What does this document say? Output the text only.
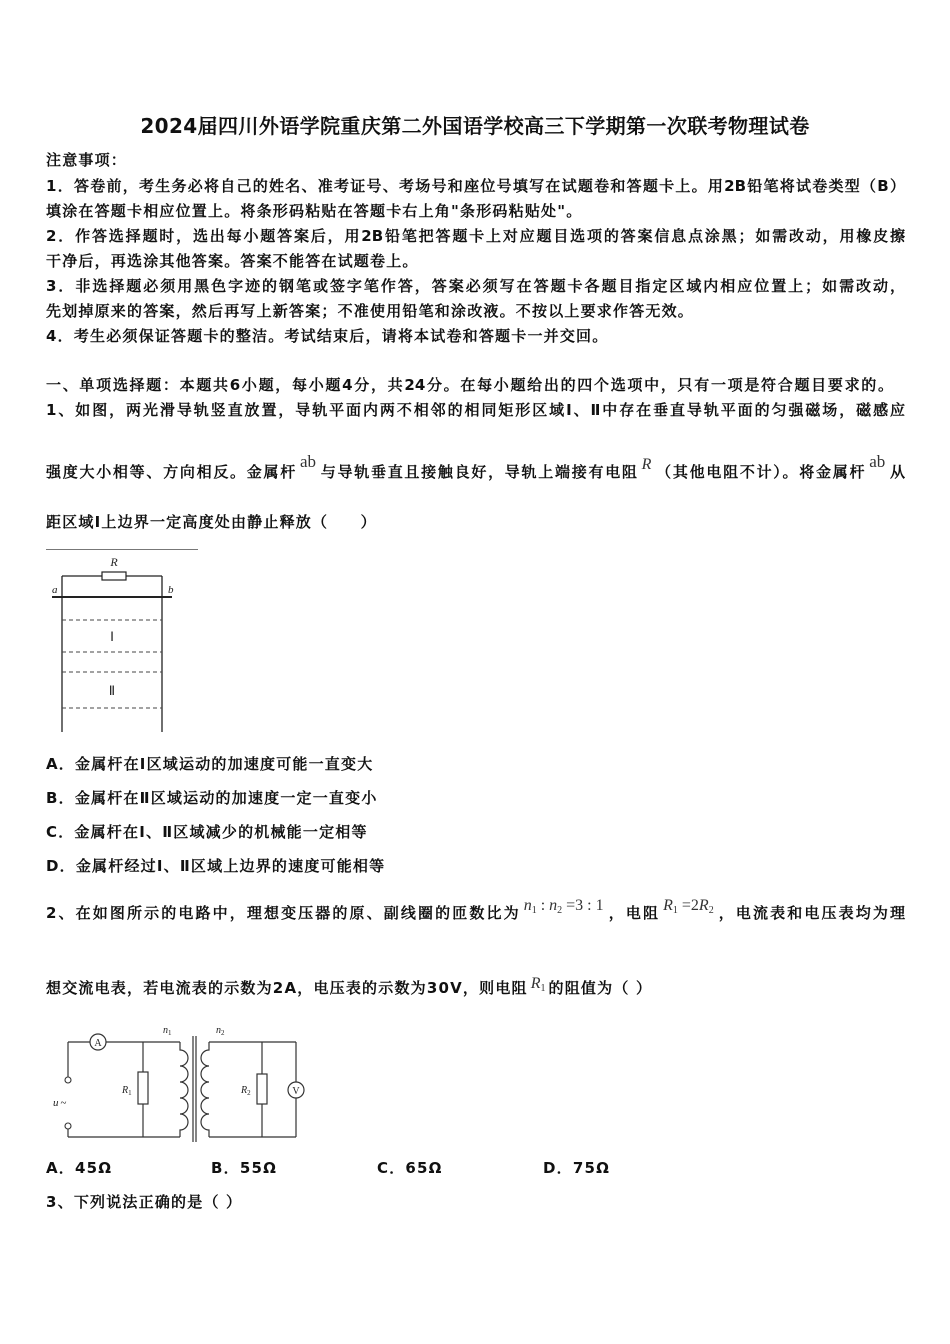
2024届四川外语学院重庆第二外国语学校高三下学期第一次联考物理试卷
注意事项：
1．答卷前，考生务必将自己的姓名、准考证号、考场号和座位号填写在试题卷和答题卡上。用2B铅笔将试卷类型（B）
填涂在答题卡相应位置上。将条形码粘贴在答题卡右上角"条形码粘贴处"。
2．作答选择题时，选出每小题答案后，用2B铅笔把答题卡上对应题目选项的答案信息点涂黑；如需改动，用橡皮擦
干净后，再选涂其他答案。答案不能答在试题卷上。
3．非选择题必须用黑色字迹的钢笔或签字笔作答，答案必须写在答题卡各题目指定区域内相应位置上；如需改动，
先划掉原来的答案，然后再写上新答案；不准使用铅笔和涂改液。不按以上要求作答无效。
4．考生必须保证答题卡的整洁。考试结束后，请将本试卷和答题卡一并交回。
一、单项选择题：本题共6小题，每小题4分，共24分。在每小题给出的四个选项中，只有一项是符合题目要求的。
1、如图，两光滑导轨竖直放置，导轨平面内两不相邻的相同矩形区域Ⅰ、Ⅱ中存在垂直导轨平面的匀强磁场，磁感应
强度大小相等、方向相反。金属杆ab与导轨垂直且接触良好，导轨上端接有电阻 R （其他电阻不计）。将金属杆ab从
距区域Ⅰ上边界一定高度处由静止释放（　　）
R
a	b
Ⅰ
Ⅱ
A．金属杆在Ⅰ区域运动的加速度可能一直变大
B．金属杆在Ⅱ区域运动的加速度一定一直变小
C．金属杆在Ⅰ、Ⅱ区域减少的机械能一定相等
D．金属杆经过Ⅰ、Ⅱ区域上边界的速度可能相等
2、在如图所示的电路中，理想变压器的原、副线圈的匝数比为 $n_1$ : $n_2 =3$ : 1 ，电阻 $R_1 =2R_2$ ，电流表和电压表均为理
想交流电表，若电流表的示数为2A，电压表的示数为30V，则电阻 $R_1$ 的阻值为（ ）
u ~
A
$R_1$
$n_1$	$n_2$
$R_2$	V
A．45Ω	B．55Ω	C．65Ω	D．75Ω
3、下列说法正确的是（ ）
